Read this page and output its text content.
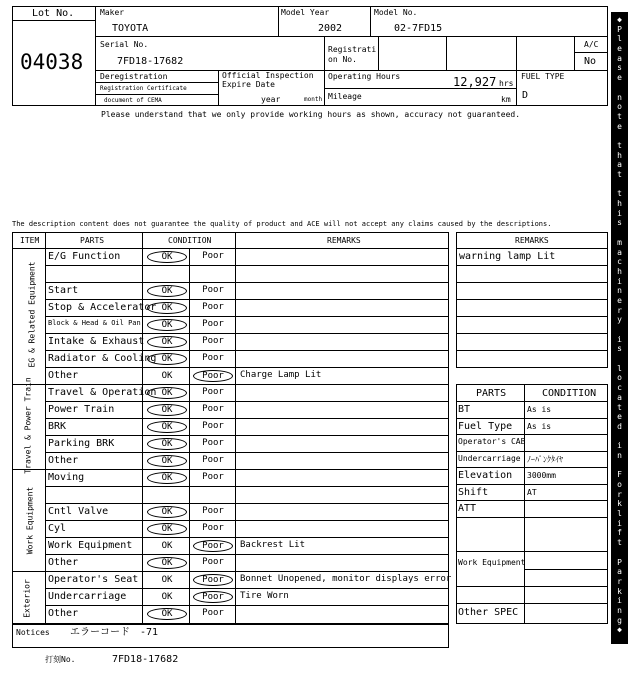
Lot No.
04038
Maker
TOYOTA
Model Year
2002
Model No.
02-7FD15
Serial No.
7FD18-17682
Registrati on No.
A/C
No
Deregistration
Registration Certificate
document of CEMA
Official Inspection
Expire Date
year	month
Operating Hours	12,927 hrs
Mileage	km
FUEL TYPE
D
Please understand that we only provide working hours as shown, accuracy not guaranteed.
The description content does not guarantee the quality of product and ACE will not accept any claims caused by the descriptions.
ITEM	PARTS	CONDITION	REMARKS
EG & Related Equipment
Travel & Power Train
Work Equipment
Exterior
E/G Function	OK	Poor
Start	OK	Poor
Stop & Accelerator OK	Poor
Block & Head & Oil Pan	OK	Poor
Intake & Exhaust	OK	Poor
Radiator & Cooling OK	Poor
Other	OK	Poor	Charge Lamp Lit
Travel & Operation OK	Poor
Power Train	OK	Poor
BRK	OK	Poor
Parking BRK	OK	Poor
Other	OK	Poor
Moving	OK	Poor
Cntl Valve	OK	Poor
Cyl	OK	Poor
Work Equipment	OK	Poor	Backrest Lit
Other	OK	Poor
Operator's Seat	OK	Poor	Bonnet Unopened, monitor displays error
Undercarriage	OK	Poor	Tire Worn
Other	OK	Poor
Notices エラーコード　-71
打刻No.	7FD18-17682
REMARKS
warning lamp Lit
PARTS	CONDITION
BT	As is
Fuel Type As is
Operator's CAB
Undercarriage ﾉｰﾊﾟﾝｸﾀｲﾔ
Elevation 3000mm
Shift	AT
ATT
Work Equipment
Other SPEC
◆
P
l
e
a
s
e
n
o
t
e
t
h
a
t
t
h
i
s
m
a
c
h
i
n
e
r
y
i
s
l
o
c
a
t
e
d
i
n
F
o
r
k
l
i
f
t
P
a
r
k
i
n
g
◆
